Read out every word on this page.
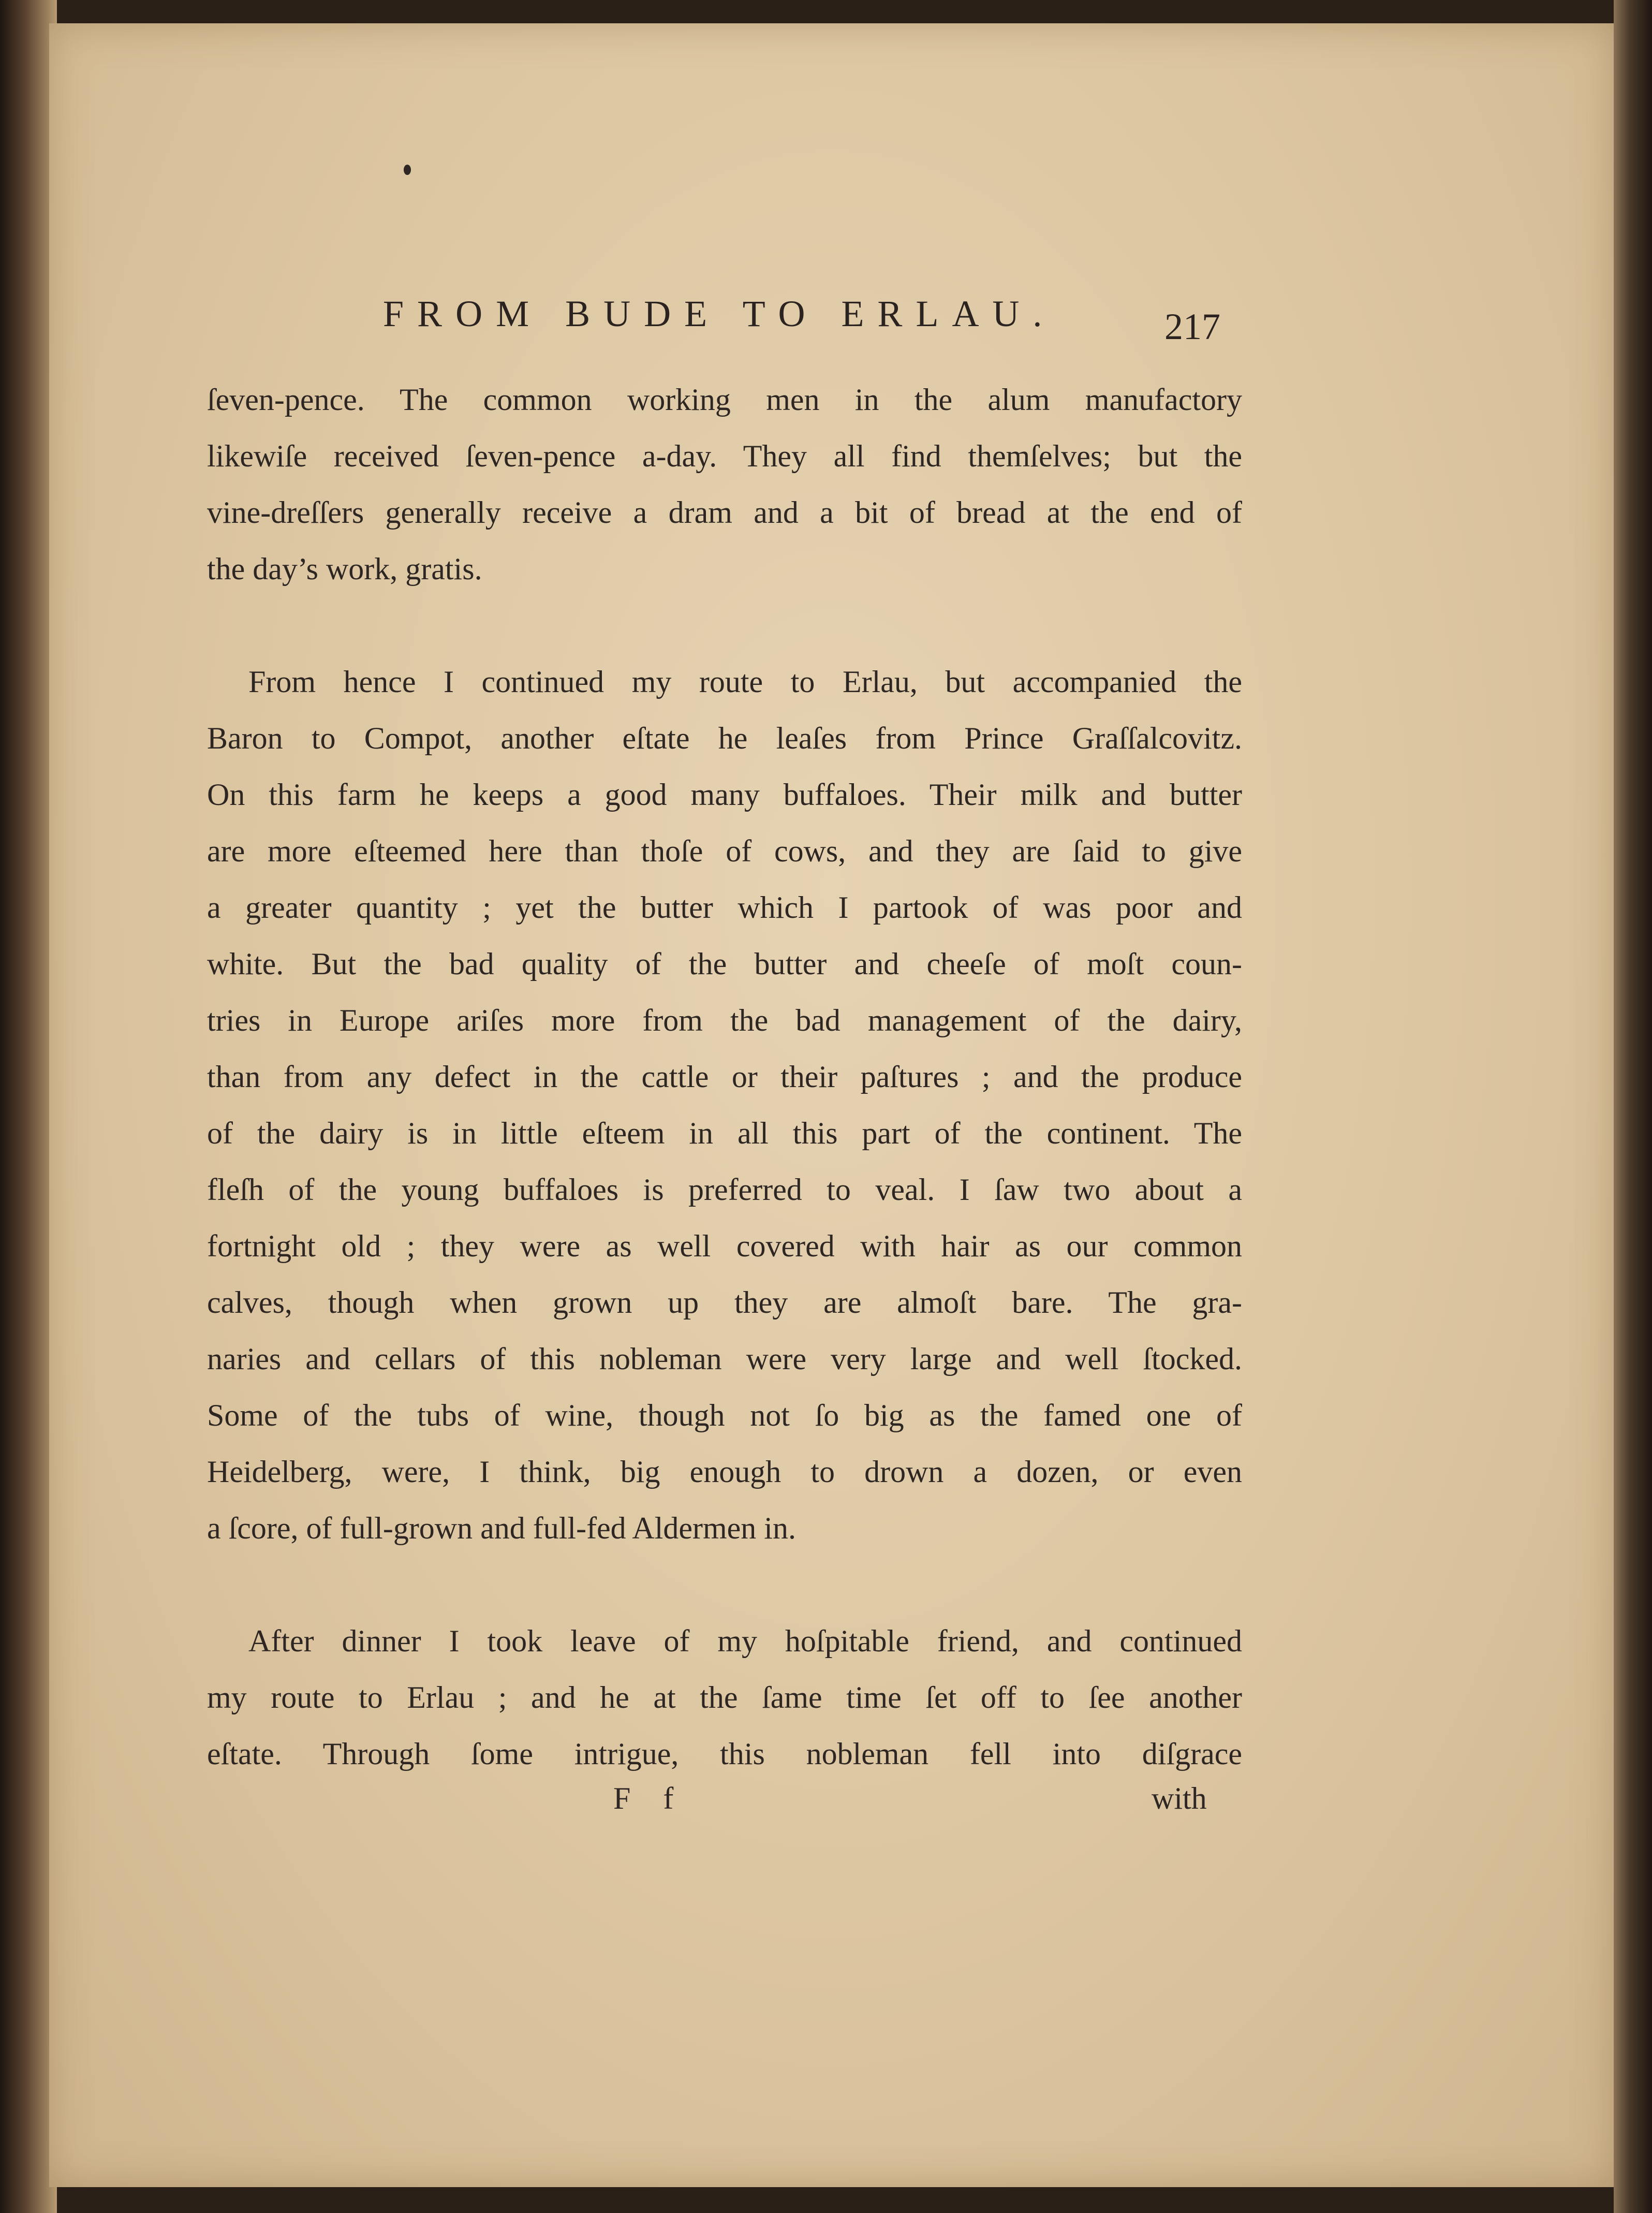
FROM BUDE TO ERLAU.	217
ſeven-pence. The common working men in the alum manufactory
likewiſe received ſeven-pence a-day. They all find themſelves; but the
vine-dreſſers generally receive a dram and a bit of bread at the end of
the day’s work, gratis.
From hence I continued my route to Erlau, but accompanied the
Baron to Compot, another eſtate he leaſes from Prince Graſſalcovitz.
On this farm he keeps a good many buffaloes. Their milk and butter
are more eſteemed here than thoſe of cows, and they are ſaid to give
a greater quantity ; yet the butter which I partook of was poor and
white. But the bad quality of the butter and cheeſe of moſt coun-
tries in Europe ariſes more from the bad management of the dairy,
than from any defect in the cattle or their paſtures ; and the produce
of the dairy is in little eſteem in all this part of the continent. The
fleſh of the young buffaloes is preferred to veal. I ſaw two about a
fortnight old ; they were as well covered with hair as our common
calves, though when grown up they are almoſt bare. The gra-
naries and cellars of this nobleman were very large and well ſtocked.
Some of the tubs of wine, though not ſo big as the famed one of
Heidelberg, were, I think, big enough to drown a dozen, or even
a ſcore, of full-grown and full-fed Aldermen in.
After dinner I took leave of my hoſpitable friend, and continued
my route to Erlau ; and he at the ſame time ſet off to ſee another
eſtate. Through ſome intrigue, this nobleman fell into diſgrace
F f	with
